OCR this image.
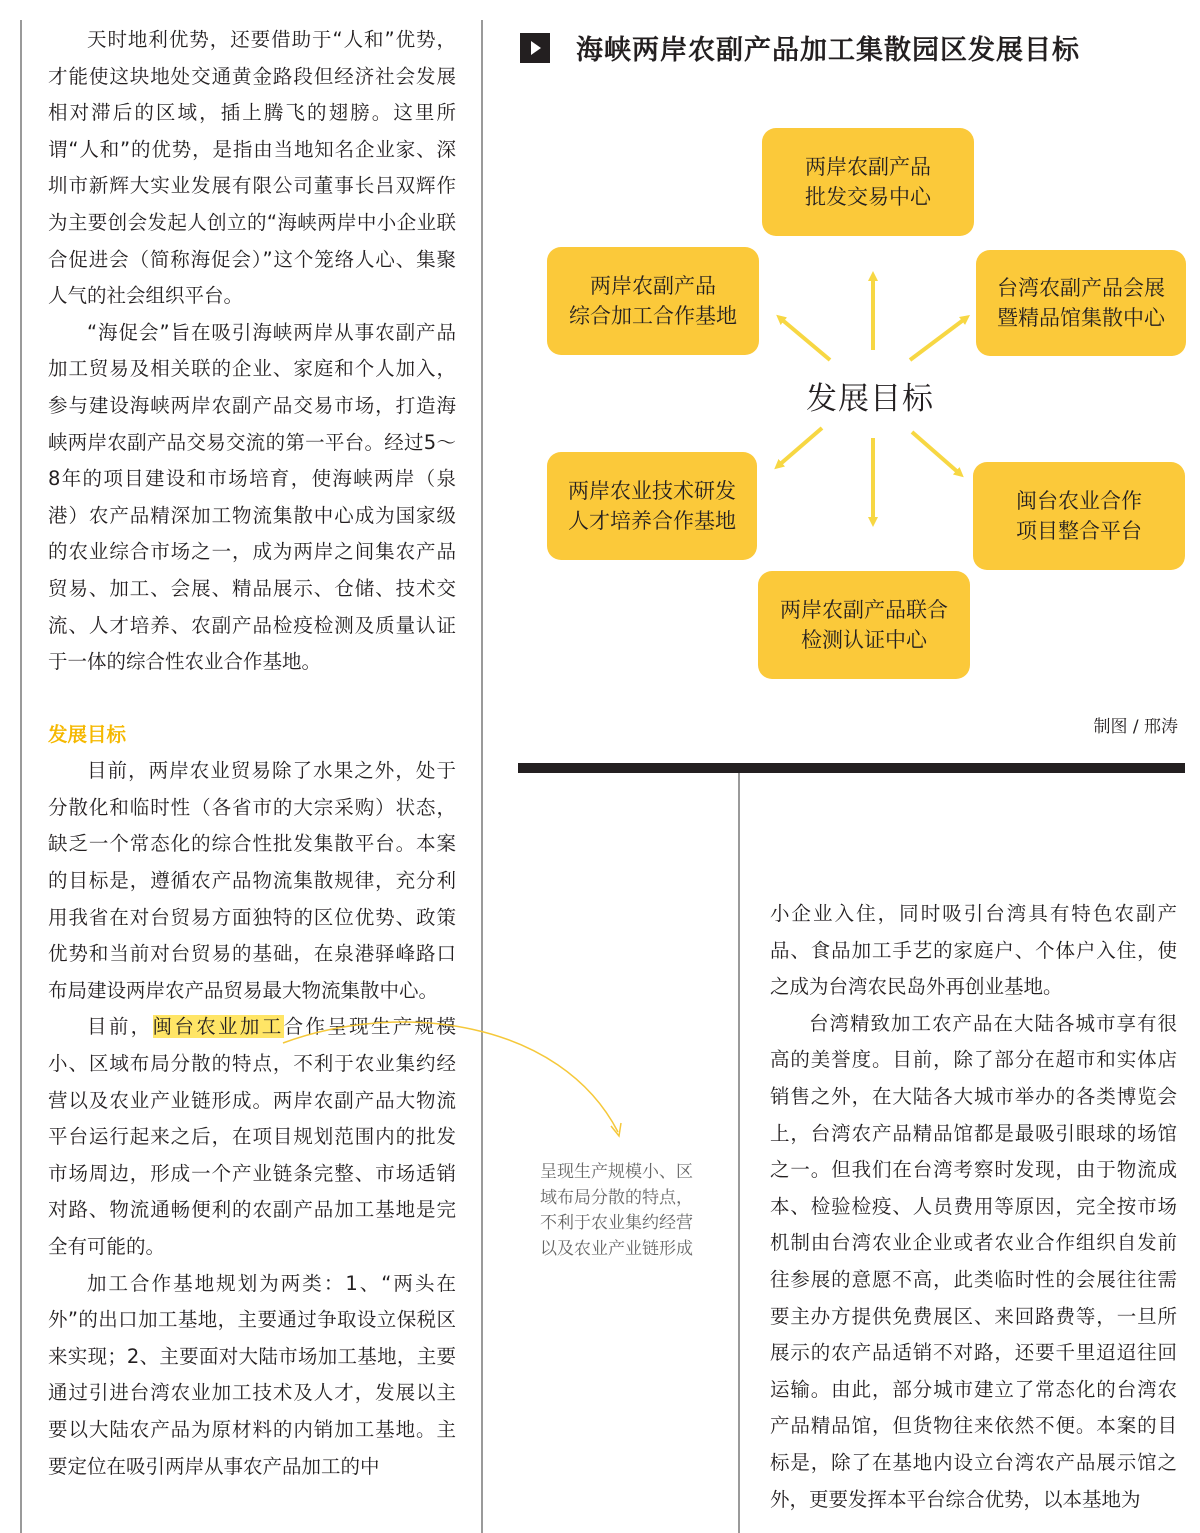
天时地利优势，还要借助于“人和”优势，才能使这块地处交通黄金路段但经济社会发展相对滞后的区域，插上腾飞的翅膀。这里所谓“人和”的优势，是指由当地知名企业家、深圳市新辉大实业发展有限公司董事长吕双辉作为主要创会发起人创立的“海峡两岸中小企业联合促进会（简称海促会）”这个笼络人心、集聚人气的社会组织平台。

“海促会”旨在吸引海峡两岸从事农副产品加工贸易及相关联的企业、家庭和个人加入，参与建设海峡两岸农副产品交易市场，打造海峡两岸农副产品交易交流的第一平台。经过5～8年的项目建设和市场培育，使海峡两岸（泉港）农产品精深加工物流集散中心成为国家级的农业综合市场之一，成为两岸之间集农产品贸易、加工、会展、精品展示、仓储、技术交流、人才培养、农副产品检疫检测及质量认证于一体的综合性农业合作基地。

发展目标

目前，两岸农业贸易除了水果之外，处于分散化和临时性（各省市的大宗采购）状态，缺乏一个常态化的综合性批发集散平台。本案的目标是，遵循农产品物流集散规律，充分利用我省在对台贸易方面独特的区位优势、政策优势和当前对台贸易的基础，在泉港驿峰路口布局建设两岸农产品贸易最大物流集散中心。

目前，闽台农业加工合作呈现生产规模小、区域布局分散的特点，不利于农业集约经营以及农业产业链形成。两岸农副产品大物流平台运行起来之后，在项目规划范围内的批发市场周边，形成一个产业链条完整、市场适销对路、物流通畅便利的农副产品加工基地是完全有可能的。

加工合作基地规划为两类：1、“两头在外”的出口加工基地，主要通过争取设立保税区来实现；2、主要面对大陆市场加工基地，主要通过引进台湾农业加工技术及人才，发展以主要以大陆农产品为原材料的内销加工基地。主要定位在吸引两岸从事农产品加工的中

海峡两岸农副产品加工集散园区发展目标
两岸农副产品
批发交易中心
两岸农副产品
综合加工合作基地
台湾农副产品会展
暨精品馆集散中心
发展目标
两岸农业技术研发
人才培养合作基地
闽台农业合作
项目整合平台
两岸农副产品联合
检测认证中心
制图 / 邢涛
呈现生产规模小、区域布局分散的特点，不利于农业集约经营以及农业产业链形成

小企业入住，同时吸引台湾具有特色农副产品、食品加工手艺的家庭户、个体户入住，使之成为台湾农民岛外再创业基地。

台湾精致加工农产品在大陆各城市享有很高的美誉度。目前，除了部分在超市和实体店销售之外，在大陆各大城市举办的各类博览会上，台湾农产品精品馆都是最吸引眼球的场馆之一。但我们在台湾考察时发现，由于物流成本、检验检疫、人员费用等原因，完全按市场机制由台湾农业企业或者农业合作组织自发前往参展的意愿不高，此类临时性的会展往往需要主办方提供免费展区、来回路费等，一旦所展示的农产品适销不对路，还要千里迢迢往回运输。由此，部分城市建立了常态化的台湾农产品精品馆，但货物往来依然不便。本案的目标是，除了在基地内设立台湾农产品展示馆之外，更要发挥本平台综合优势，以本基地为
